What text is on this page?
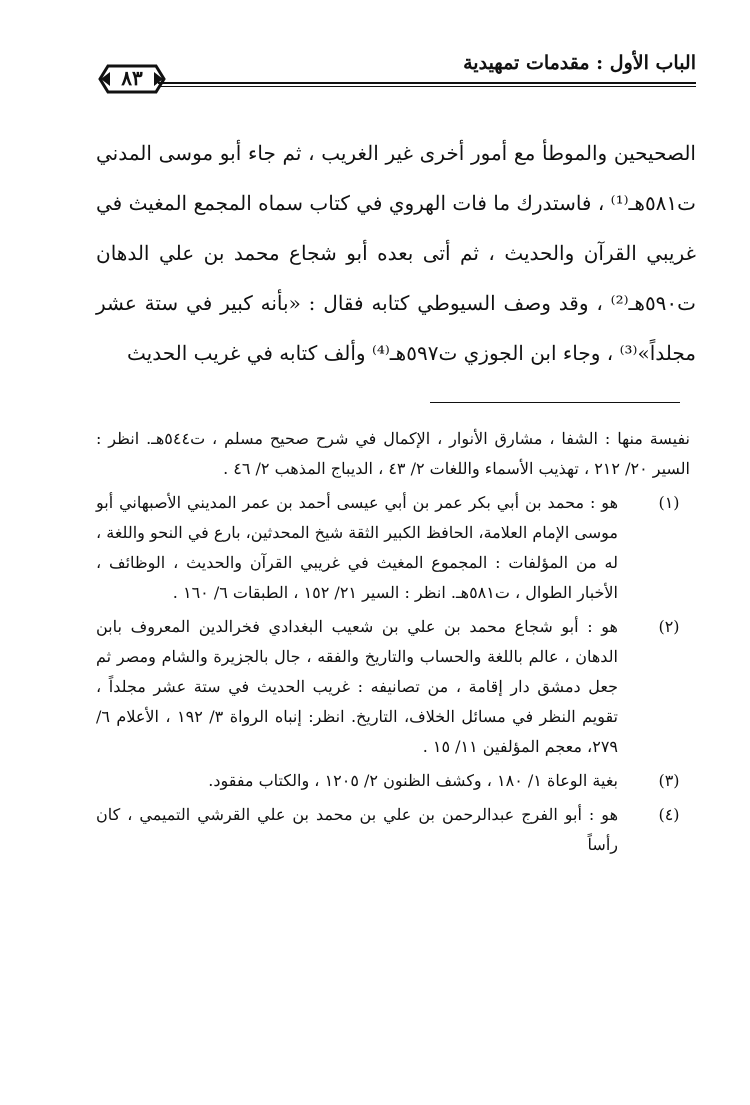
الباب الأول : مقدمات تمهيدية
٨٣

الصحيحين والموطأ مع أمور أخرى غير الغريب ، ثم جاء أبو موسى المدني ت٥٨١هـ⁽¹⁾ ، فاستدرك ما فات الهروي في كتاب سماه المجمع المغيث في غريبي القرآن والحديث ، ثم أتى بعده أبو شجاع محمد بن علي الدهان ت٥٩٠هـ⁽²⁾ ، وقد وصف السيوطي كتابه فقال : «بأنه كبير في ستة عشر مجلداً»⁽³⁾ ، وجاء ابن الجوزي ت٥٩٧هـ⁽⁴⁾ وألف كتابه في غريب الحديث

نفيسة منها : الشفا ، مشارق الأنوار ، الإكمال في شرح صحيح مسلم ، ت٥٤٤هـ. انظر : السير ٢٠/ ٢١٢ ، تهذيب الأسماء واللغات ٢/ ٤٣ ، الديباج المذهب ٢/ ٤٦ .

(١)
هو : محمد بن أبي بكر عمر بن أبي عيسى أحمد بن عمر المديني الأصبهاني أبو موسى الإمام العلامة، الحافظ الكبير الثقة شيخ المحدثين، بارع في النحو واللغة ، له من المؤلفات : المجموع المغيث في غريبي القرآن والحديث ، الوظائف ، الأخبار الطوال ، ت٥٨١هـ. انظر : السير ٢١/ ١٥٢ ، الطبقات ٦/ ١٦٠ .
(٢)
هو : أبو شجاع محمد بن علي بن شعيب البغدادي فخرالدين المعروف بابن الدهان ، عالم باللغة والحساب والتاريخ والفقه ، جال بالجزيرة والشام ومصر ثم جعل دمشق دار إقامة ، من تصانيفه : غريب الحديث في ستة عشر مجلداً ، تقويم النظر في مسائل الخلاف، التاريخ. انظر: إنباه الرواة ٣/ ١٩٢ ، الأعلام ٦/ ٢٧٩، معجم المؤلفين ١١/ ١٥ .
(٣)
بغية الوعاة ١/ ١٨٠ ، وكشف الظنون ٢/ ١٢٠٥ ، والكتاب مفقود.
(٤)
هو : أبو الفرج عبدالرحمن بن علي بن محمد بن علي القرشي التميمي ، كان رأساً
